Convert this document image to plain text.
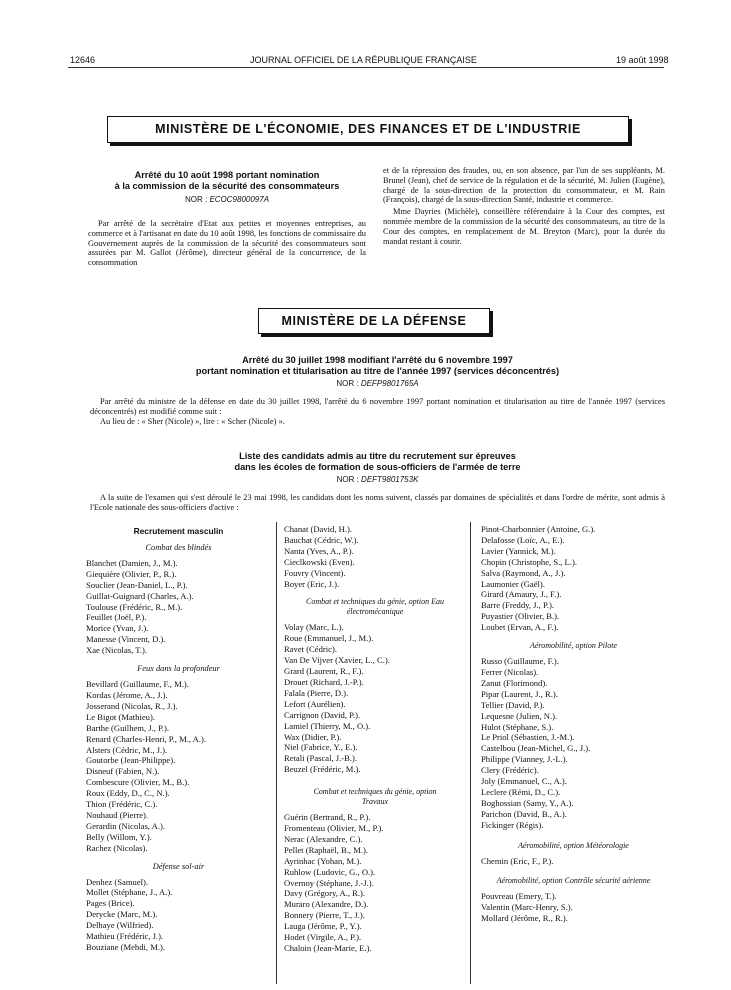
12646	JOURNAL OFFICIEL DE LA RÉPUBLIQUE FRANÇAISE	19 août 1998
MINISTÈRE DE L'ÉCONOMIE, DES FINANCES ET DE L'INDUSTRIE
Arrêté du 10 août 1998 portant nomination
à la commission de la sécurité des consommateurs
NOR : ECOC9800097A

Par arrêté de la secrétaire d'Etat aux petites et moyennes entreprises, au commerce et à l'artisanat en date du 10 août 1998, les fonctions de commissaire du Gouvernement auprès de la commission de la sécurité des consommateurs sont assurées par M. Gallot (Jérôme), directeur général de la concurrence, de la consommation

et de la répression des fraudes, ou, en son absence, par l'un de ses suppléants, M. Brunel (Jean), chef de service de la régulation et de la sécurité, M. Julien (Eugène), chargé de la sous-direction de la protection du consommateur, et M. Rain (François), chargé de la sous-direction Santé, industrie et commerce.

Mme Dayries (Michèle), conseillère référendaire à la Cour des comptes, est nommée membre de la commission de la sécurité des consommateurs, au titre de la Cour des comptes, en remplacement de M. Breyton (Marc), pour la durée du mandat restant à courir.

MINISTÈRE DE LA DÉFENSE
Arrêté du 30 juillet 1998 modifiant l'arrêté du 6 novembre 1997
portant nomination et titularisation au titre de l'année 1997 (services déconcentrés)
NOR : DEFP9801765A

Par arrêté du ministre de la défense en date du 30 juillet 1998, l'arrêté du 6 novembre 1997 portant nomination et titularisation au titre de l'année 1997 (services déconcentrés) est modifié comme suit :

Au lieu de : « Sher (Nicole) », lire : « Scher (Nicole) ».

Liste des candidats admis au titre du recrutement sur épreuves
dans les écoles de formation de sous-officiers de l'armée de terre
NOR : DEFT9801753K

A la suite de l'examen qui s'est déroulé le 23 mai 1998, les candidats dont les noms suivent, classés par domaines de spécialités et dans l'ordre de mérite, sont admis à l'Ecole nationale des sous-officiers d'active :

Recrutement masculin
Combat des blindés
Blanchet (Damien, J., M.).
Giequière (Olivier, P., R.).
Souclier (Jean-Daniel, L., P.).
Guillat-Guignard (Charles, A.).
Toulouse (Frédéric, R., M.).
Feuillet (Joël, P.).
Morice (Yvan, J.).
Manesse (Vincent, D.).
Xae (Nicolas, T.).
Feux dans la profondeur
Bevillard (Guillaume, F., M.).
Kordas (Jérome, A., J.).
Josserand (Nicolas, R., J.).
Le Bigot (Mathieu).
Barthe (Guilhem, J., P.).
Renard (Charles-Henri, P., M., A.).
Alsters (Cédric, M., J.).
Goutorbe (Jean-Philippe).
Disneuf (Fabien, N.).
Combescure (Olivier, M., B.).
Roux (Eddy, D., C., N.).
Thion (Frédéric, C.).
Nouhaud (Pierre).
Gerardin (Nicolas, A.).
Belly (Willom, Y.).
Rachez (Nicolas).
Défense sol-air
Denhez (Samuel).
Mollet (Stéphane, J., A.).
Pages (Brice).
Derycke (Marc, M.).
Delhaye (Wilfried).
Mathieu (Frédéric, J.).
Bouziane (Mehdi, M.).
Chanat (David, H.).
Bauchat (Cédric, W.).
Nanta (Yves, A., P.).
Cieclkowski (Even).
Fouvry (Vincent).
Boyer (Eric, J.).
Combat et techniques du génie, option Eau électromécanique
Volay (Marc, L.).
Roue (Emmanuel, J., M.).
Ravet (Cédric).
Van De Vijver (Xavier, L., C.).
Grard (Laurent, R., F.).
Drouet (Richard, J.-P.).
Falala (Pierre, D.).
Lefort (Aurélien).
Carrignon (David, P.).
Lamiel (Thierry, M., O.).
Wax (Didier, P.).
Niel (Fabrice, Y., E.).
Retali (Pascal, J.-B.).
Beuzel (Frédéric, M.).
Combat et techniques du génie, option Travaux
Guérin (Bertrand, R., P.).
Fromenteau (Olivier, M., P.).
Nerac (Alexandre, C.).
Pellet (Raphaël, B., M.).
Ayrinhac (Yohan, M.).
Ruhlow (Ludovic, G., O.).
Overnoy (Stéphane, J.-J.).
Davy (Grégory, A., R.).
Muraro (Alexandre, D.).
Bonnery (Pierre, T., J.).
Lauga (Jérôme, P., Y.).
Hodet (Virgile, A., P.).
Chaloin (Jean-Marie, E.).
Pinot-Charbonnier (Antoine, G.).
Delafosse (Loïc, A., E.).
Lavier (Yannick, M.).
Chopin (Christophe, S., L.).
Salva (Raymond, A., J.).
Laumonier (Gaël).
Girard (Amaury, J., F.).
Barre (Freddy, J., P.).
Puyastier (Olivier, B.).
Loubet (Ervan, A., F.).
Aéromobilité, option Pilote
Russo (Guillaume, F.).
Ferrer (Nicolas).
Zanut (Florimond).
Pipar (Laurent, J., R.).
Tellier (David, P.).
Lequesne (Julien, N.).
Hulot (Stéphane, S.).
Le Priol (Sébastien, J.-M.).
Castelbou (Jean-Michel, G., J.).
Philippe (Vianney, J.-L.).
Clery (Frédéric).
Joly (Emmanuel, C., A.).
Leclere (Rémi, D., C.).
Boghossian (Samy, Y., A.).
Parichon (David, B., A.).
Fickinger (Régis).
Aéromobilité, option Météorologie
Chemin (Eric, F., P.).
Aéromobilité, option Contrôle sécurité aérienne
Pouvreau (Emery, T.).
Valentin (Marc-Henry, S.).
Mollard (Jérôme, R., R.).
